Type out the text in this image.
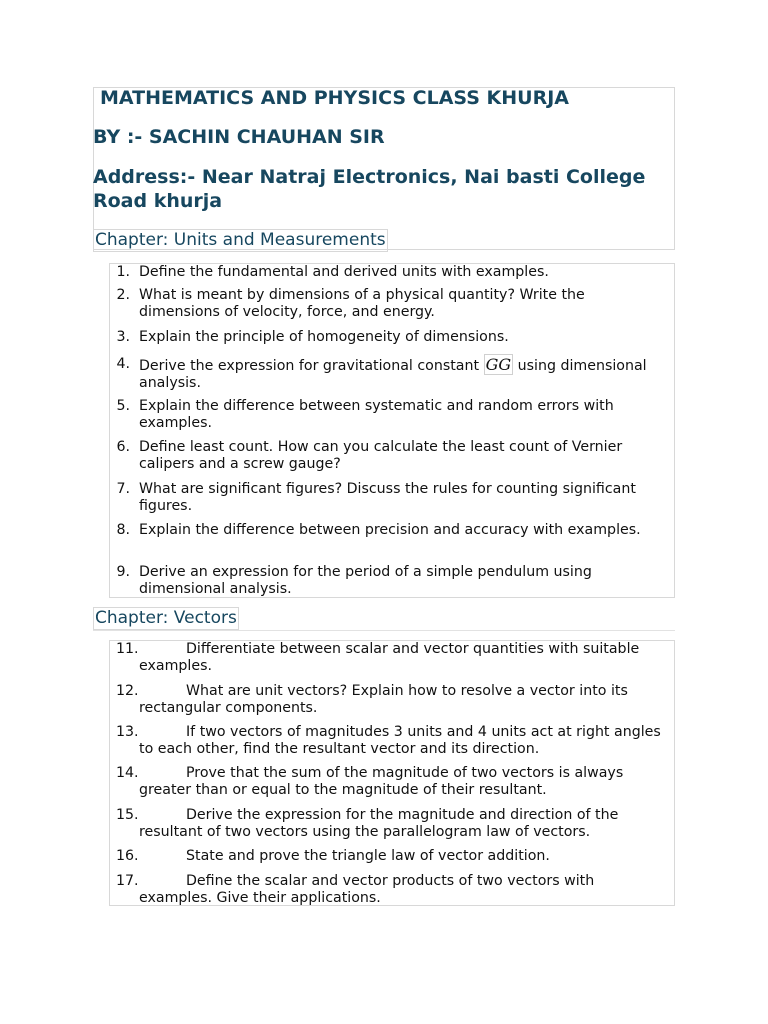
MATHEMATICS AND PHYSICS CLASS KHURJA
BY :- SACHIN CHAUHAN SIR
Address:- Near Natraj Electronics, Nai basti College Road khurja
Chapter: Units and Measurements
1. Define the fundamental and derived units with examples.
2. What is meant by dimensions of a physical quantity? Write the dimensions of velocity, force, and energy.
3. Explain the principle of homogeneity of dimensions.
4. Derive the expression for gravitational constant GG using dimensional analysis.
5. Explain the difference between systematic and random errors with examples.
6. Define least count. How can you calculate the least count of Vernier calipers and a screw gauge?
7. What are significant figures? Discuss the rules for counting significant figures.
8. Explain the difference between precision and accuracy with examples.
9. Derive an expression for the period of a simple pendulum using dimensional analysis.
Chapter: Vectors
11.	Differentiate between scalar and vector quantities with suitable examples.
12.	What are unit vectors? Explain how to resolve a vector into its rectangular components.
13.	If two vectors of magnitudes 3 units and 4 units act at right angles to each other, find the resultant vector and its direction.
14.	Prove that the sum of the magnitude of two vectors is always greater than or equal to the magnitude of their resultant.
15.	Derive the expression for the magnitude and direction of the resultant of two vectors using the parallelogram law of vectors.
16.	State and prove the triangle law of vector addition.
17.	Define the scalar and vector products of two vectors with examples. Give their applications.
